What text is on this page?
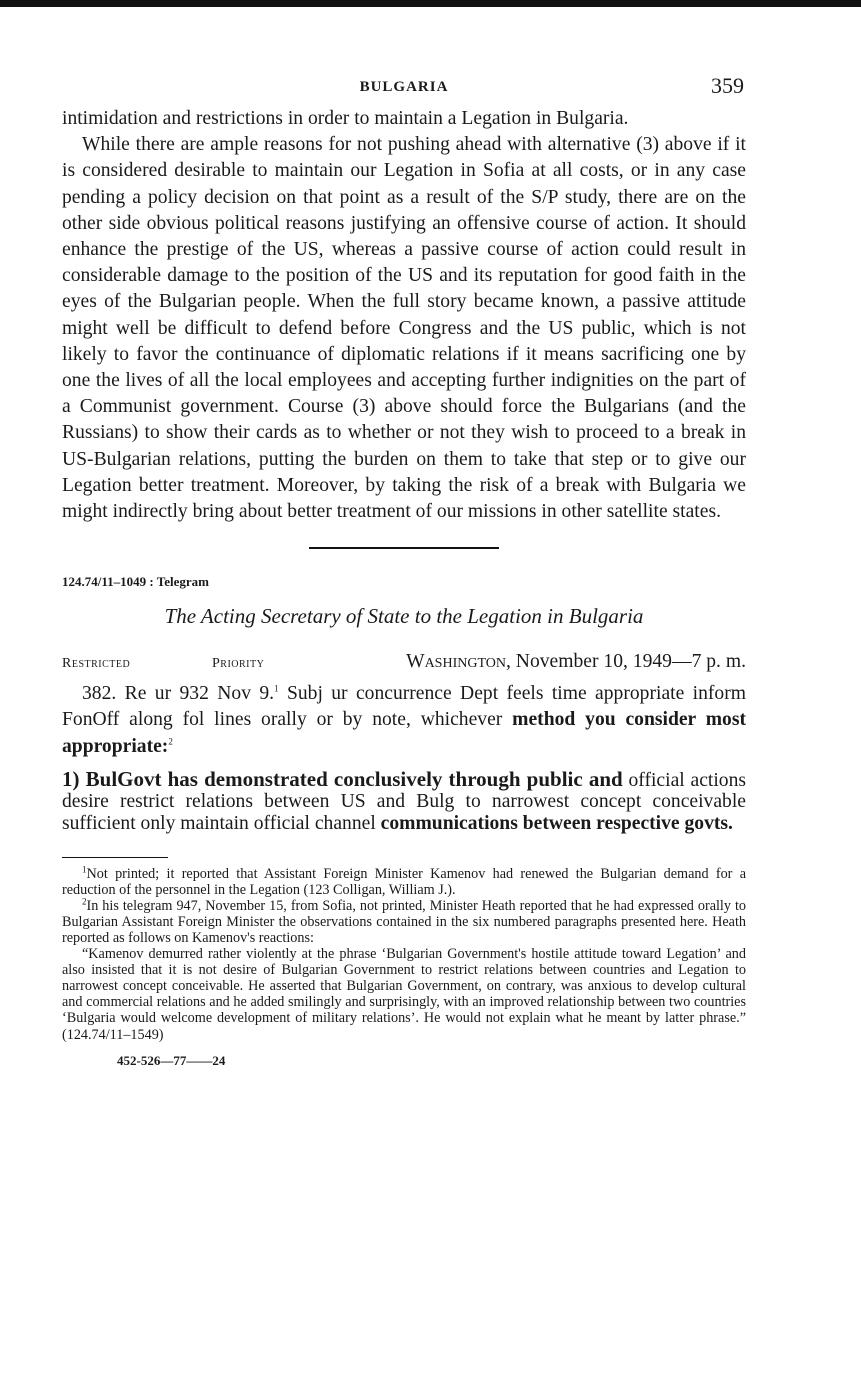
BULGARIA	359

intimidation and restrictions in order to maintain a Legation in Bulgaria.

While there are ample reasons for not pushing ahead with alternative (3) above if it is considered desirable to maintain our Legation in Sofia at all costs, or in any case pending a policy decision on that point as a result of the S/P study, there are on the other side obvious political reasons justifying an offensive course of action. It should enhance the prestige of the US, whereas a passive course of action could result in considerable damage to the position of the US and its reputation for good faith in the eyes of the Bulgarian people. When the full story became known, a passive attitude might well be difficult to defend before Congress and the US public, which is not likely to favor the continuance of diplomatic relations if it means sacrificing one by one the lives of all the local employees and accepting further indignities on the part of a Communist government. Course (3) above should force the Bulgarians (and the Russians) to show their cards as to whether or not they wish to proceed to a break in US-Bulgarian relations, putting the burden on them to take that step or to give our Legation better treatment. Moreover, by taking the risk of a break with Bulgaria we might indirectly bring about better treatment of our missions in other satellite states.

124.74/11–1049 : Telegram

The Acting Secretary of State to the Legation in Bulgaria

Restricted	Priority	Washington, November 10, 1949—7 p. m.

382. Re ur 932 Nov 9.$^1$ Subj ur concurrence Dept feels time appropriate inform FonOff along fol lines orally or by note, whichever method you consider most appropriate:$^2$

1) BulGovt has demonstrated conclusively through public and official actions desire restrict relations between US and Bulg to narrowest concept conceivable sufficient only maintain official channel communications between respective govts.

$^1$Not printed; it reported that Assistant Foreign Minister Kamenov had renewed the Bulgarian demand for a reduction of the personnel in the Legation (123 Colligan, William J.).

$^2$In his telegram 947, November 15, from Sofia, not printed, Minister Heath reported that he had expressed orally to Bulgarian Assistant Foreign Minister the observations contained in the six numbered paragraphs presented here. Heath reported as follows on Kamenov's reactions:

“Kamenov demurred rather violently at the phrase ‘Bulgarian Government's hostile attitude toward Legation’ and also insisted that it is not desire of Bulgarian Government to restrict relations between countries and Legation to narrowest concept conceivable. He asserted that Bulgarian Government, on contrary, was anxious to develop cultural and commercial relations and he added smilingly and surprisingly, with an improved relationship between two countries ‘Bulgaria would welcome development of military relations’. He would not explain what he meant by latter phrase.” (124.74/11–1549)

452-526—77——24
